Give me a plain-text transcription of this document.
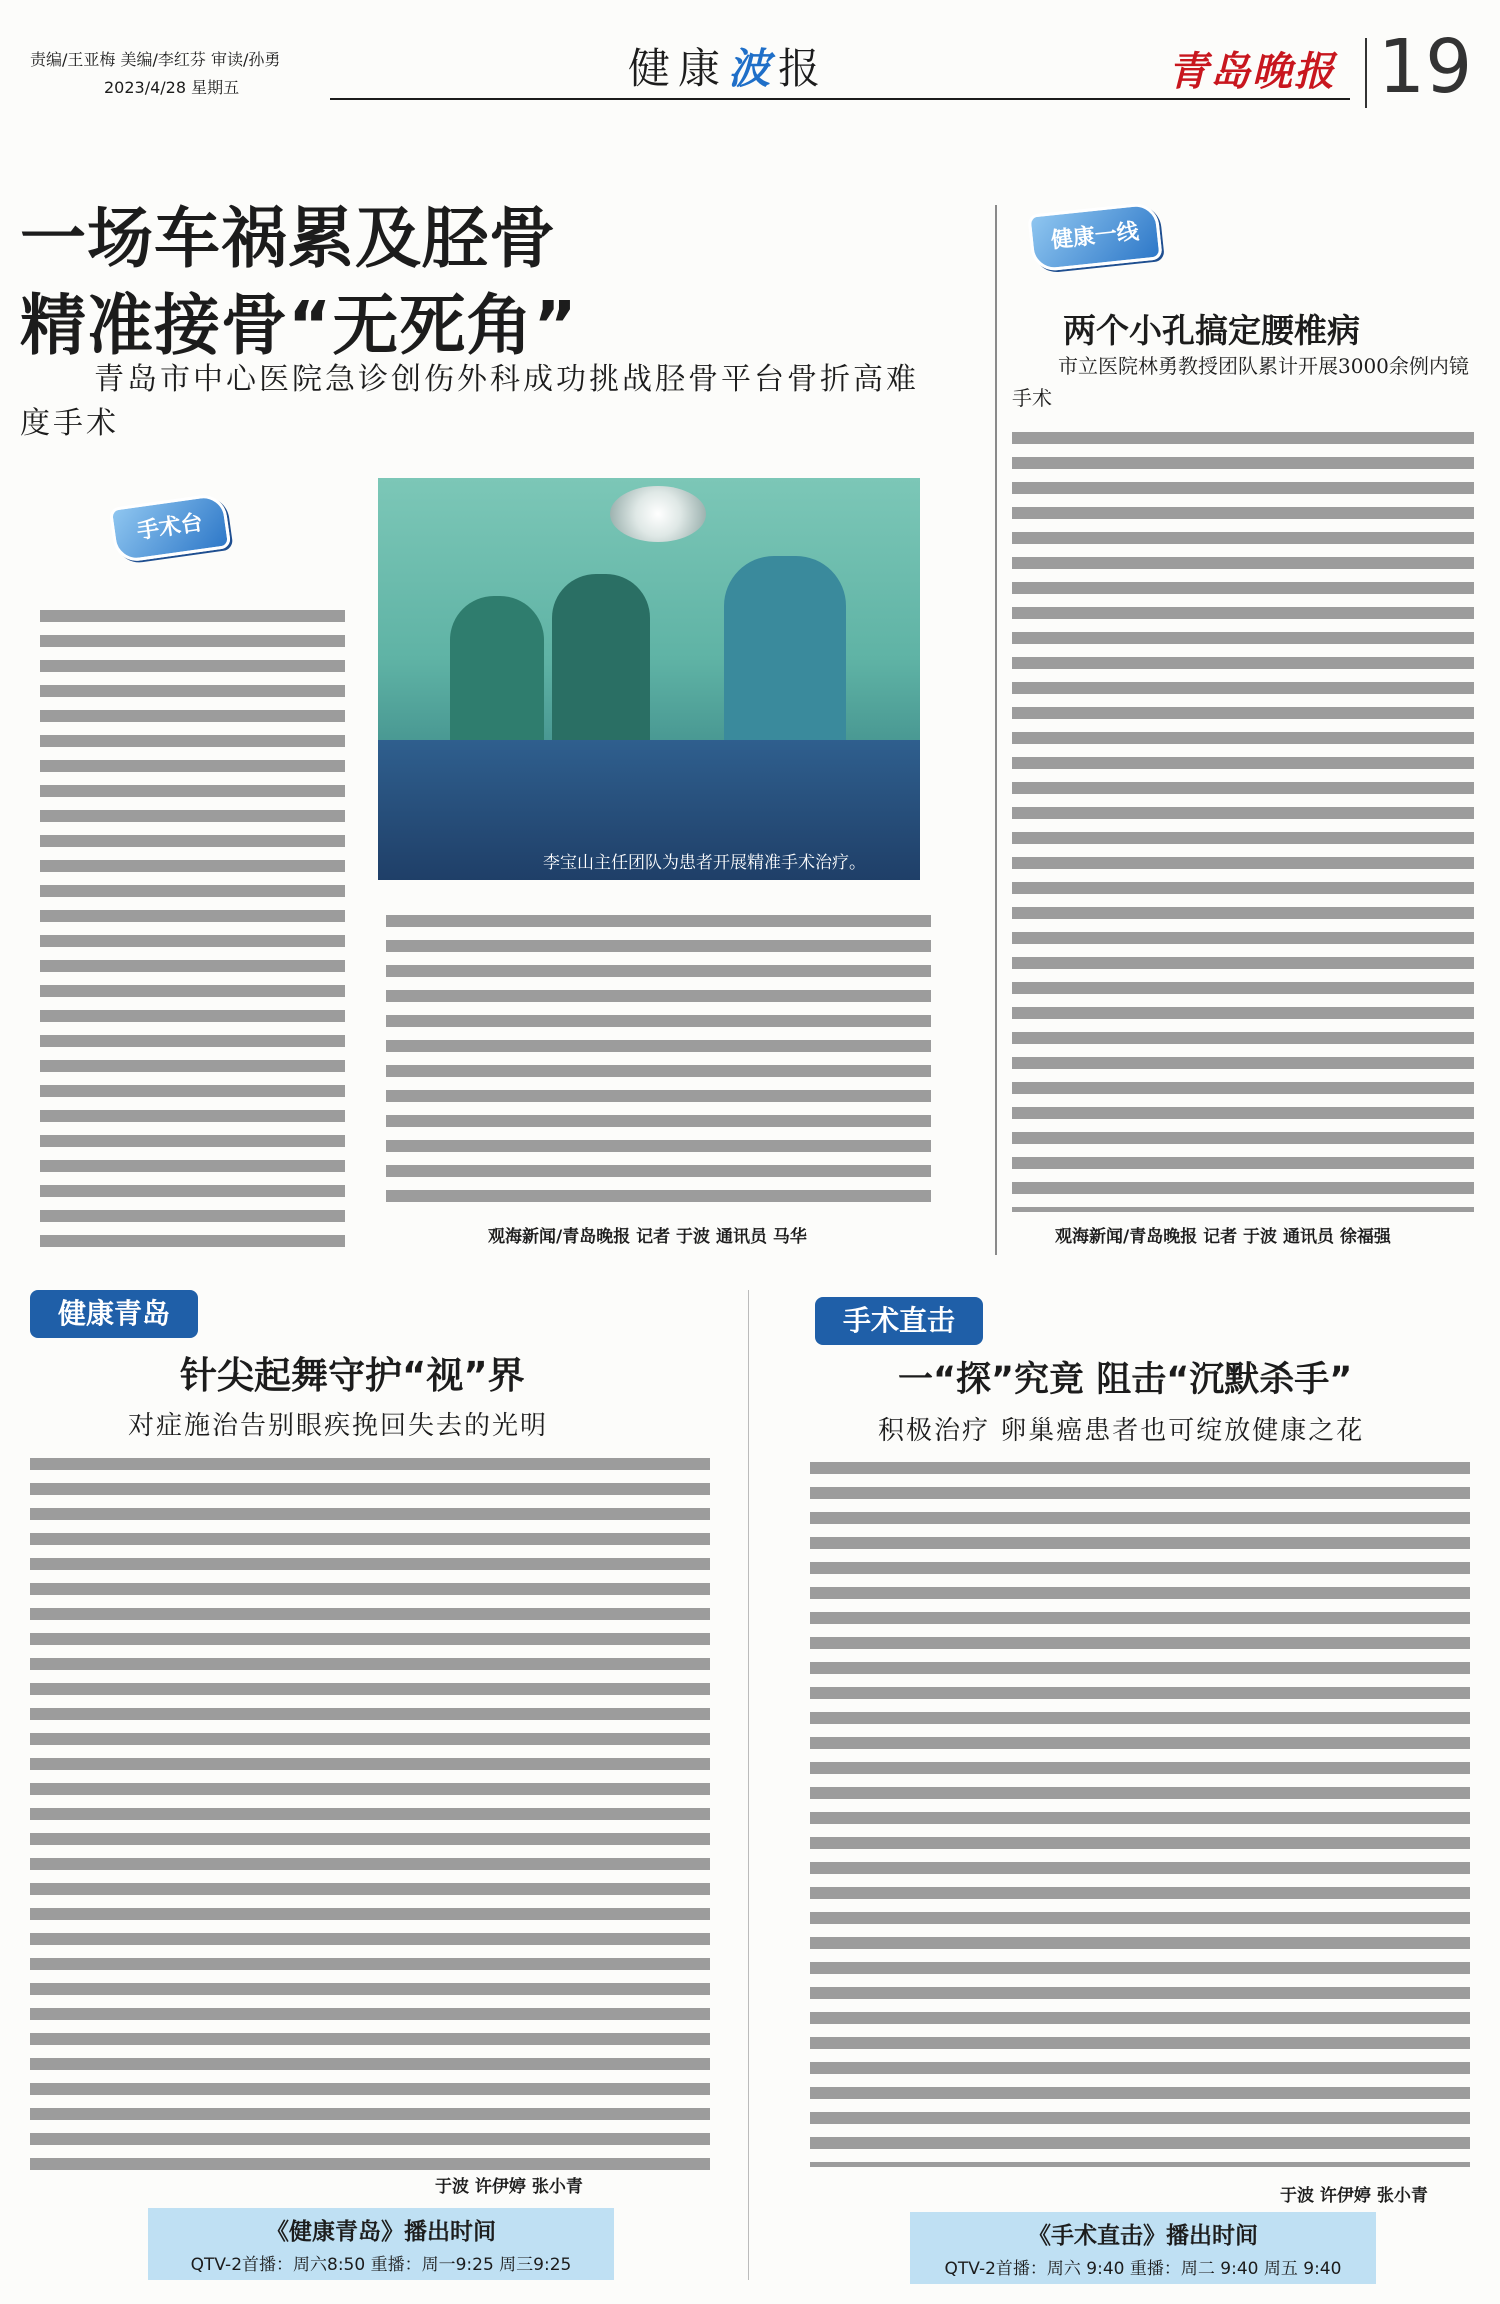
责编/王亚梅 美编/李红芬 审读/孙勇
2023/4/28 星期五	健康波报	青岛晚报 19
一场车祸累及胫骨
精准接骨“无死角”
青岛市中心医院急诊创伤外科成功挑战胫骨平台骨折高难度手术
手术台
李宝山主任团队为患者开展精准手术治疗。
观海新闻/青岛晚报 记者 于波 通讯员 马华
健康一线
两个小孔搞定腰椎病
市立医院林勇教授团队累计开展3000余例内镜手术
观海新闻/青岛晚报 记者 于波 通讯员 徐福强
健康青岛
针尖起舞守护“视”界
对症施治告别眼疾挽回失去的光明
于波 许伊婷 张小青
《健康青岛》播出时间
QTV-2首播：周六8:50 重播：周一9:25 周三9:25
手术直击
一“探”究竟 阻击“沉默杀手”
积极治疗 卵巢癌患者也可绽放健康之花
于波 许伊婷 张小青
《手术直击》播出时间
QTV-2首播：周六 9:40 重播：周二 9:40 周五 9:40
